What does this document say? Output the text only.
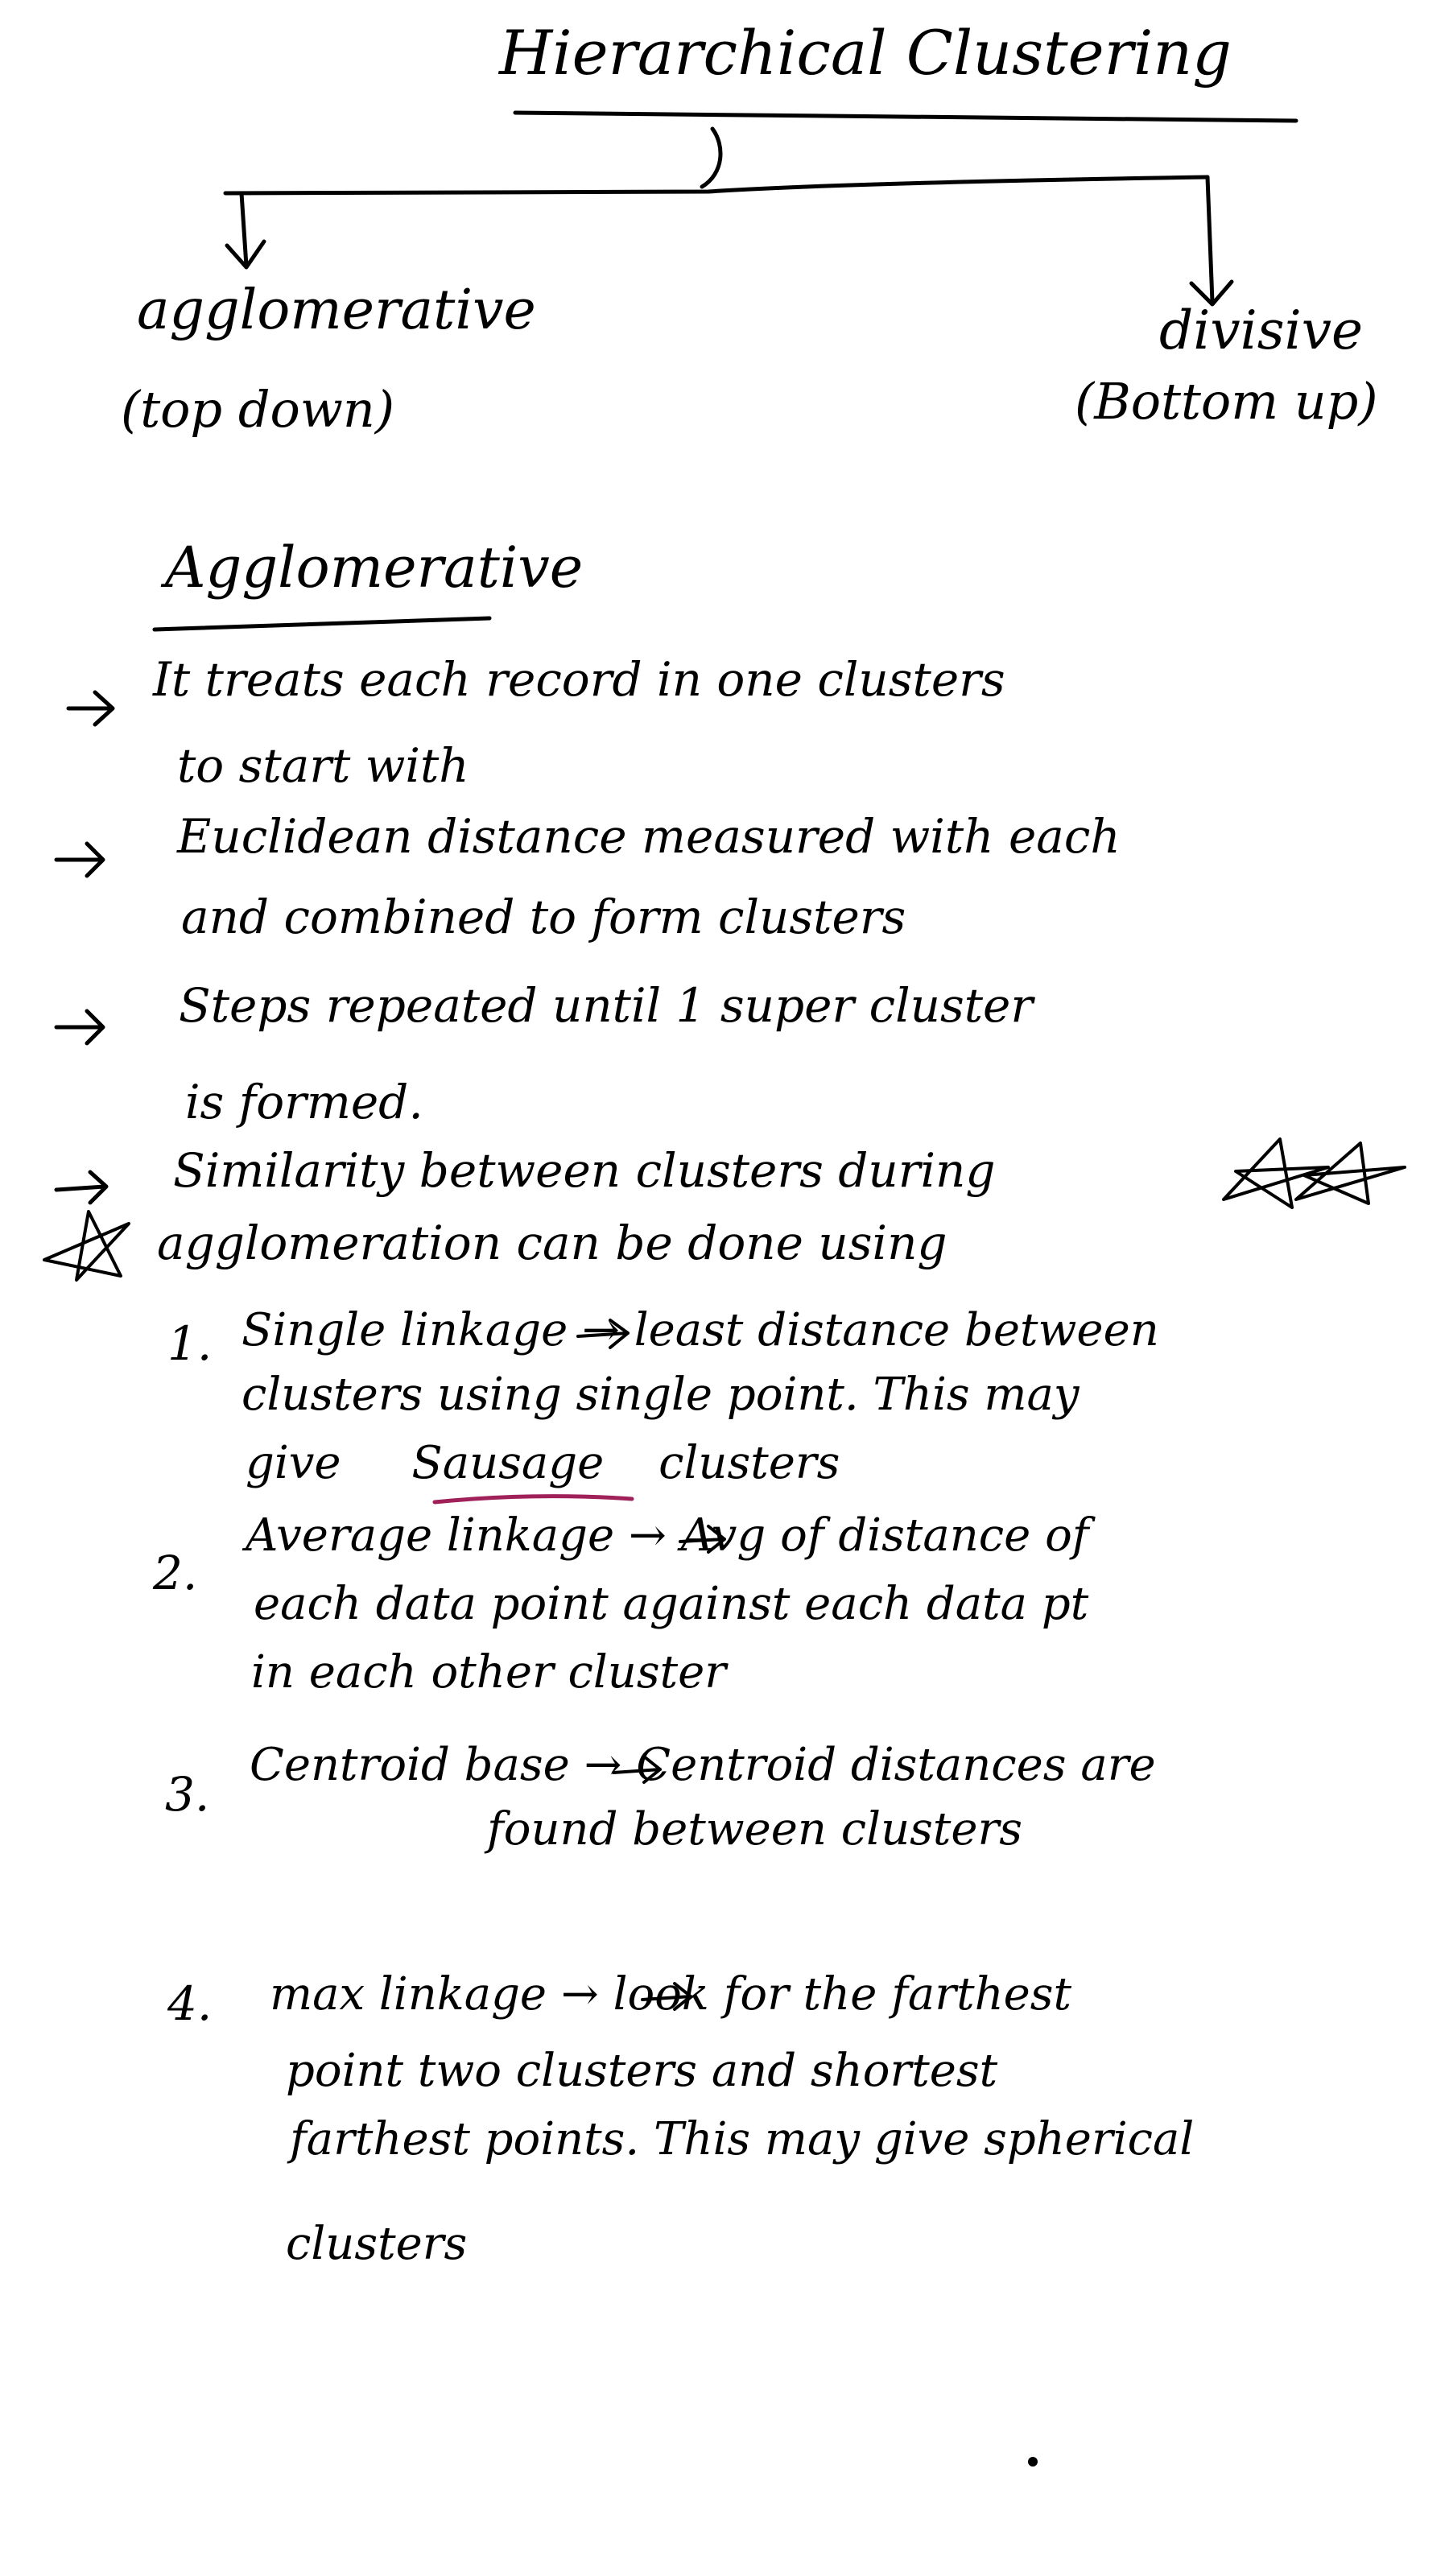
Hierarchical Clustering
agglomerative
(top down)
divisive
(Bottom up)
Agglomerative
It treats each record in one clusters
to start with
Euclidean distance measured with each
and combined to form clusters
Steps repeated until 1 super cluster
is formed.
Similarity between clusters during
agglomeration can be done using
1. Single linkage → least distance between
clusters using single point. This may
give Sausage clusters
2.
Average linkage → Avg of distance of
each data point against each data pt
in each other cluster
3.
Centroid base → Centroid distances are
found between clusters
4. max linkage → look for the farthest
point two clusters and shortest
farthest points. This may give spherical
clusters
